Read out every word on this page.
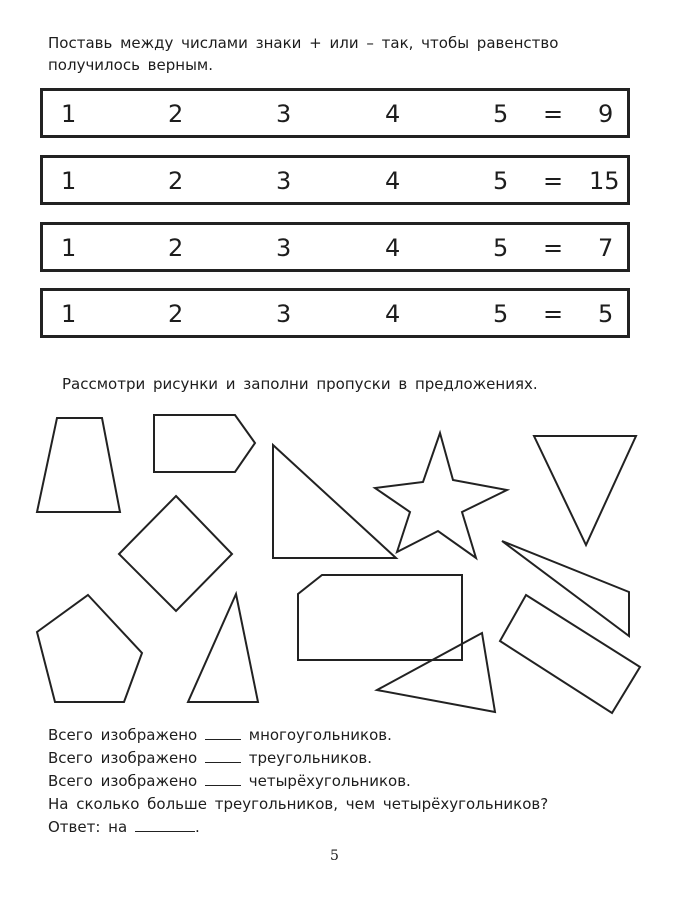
Поставь между числами знаки + или – так, чтобы равенство получилось верным.
1	2	3	4	5 = 9
1	2	3	4	5 = 15
1	2	3	4	5 = 7
1	2	3	4	5 = 5
Рассмотри рисунки и заполни пропуски в предложениях.
Всего изображено	многоугольников.
Всего изображено	треугольников.
Всего изображено	четырёхугольников.
На сколько больше треугольников, чем четырёхугольников?
Ответ: на	.
5
